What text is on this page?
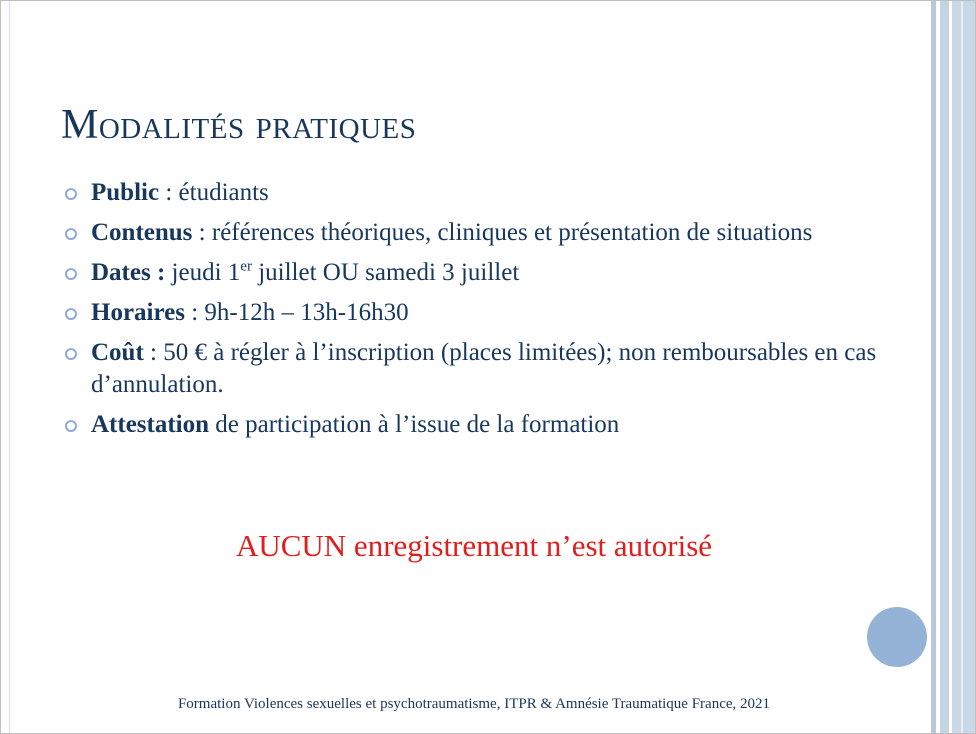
Modalités pratiques
Public : étudiants
Contenus : références théoriques, cliniques et présentation de situations
Dates : jeudi 1er juillet OU samedi 3 juillet
Horaires : 9h-12h – 13h-16h30
Coût : 50 € à régler à l’inscription (places limitées); non remboursables en cas d’annulation.
Attestation de participation à l’issue de la formation
AUCUN enregistrement n’est autorisé
Formation Violences sexuelles et psychotraumatisme, ITPR & Amnésie Traumatique France, 2021
